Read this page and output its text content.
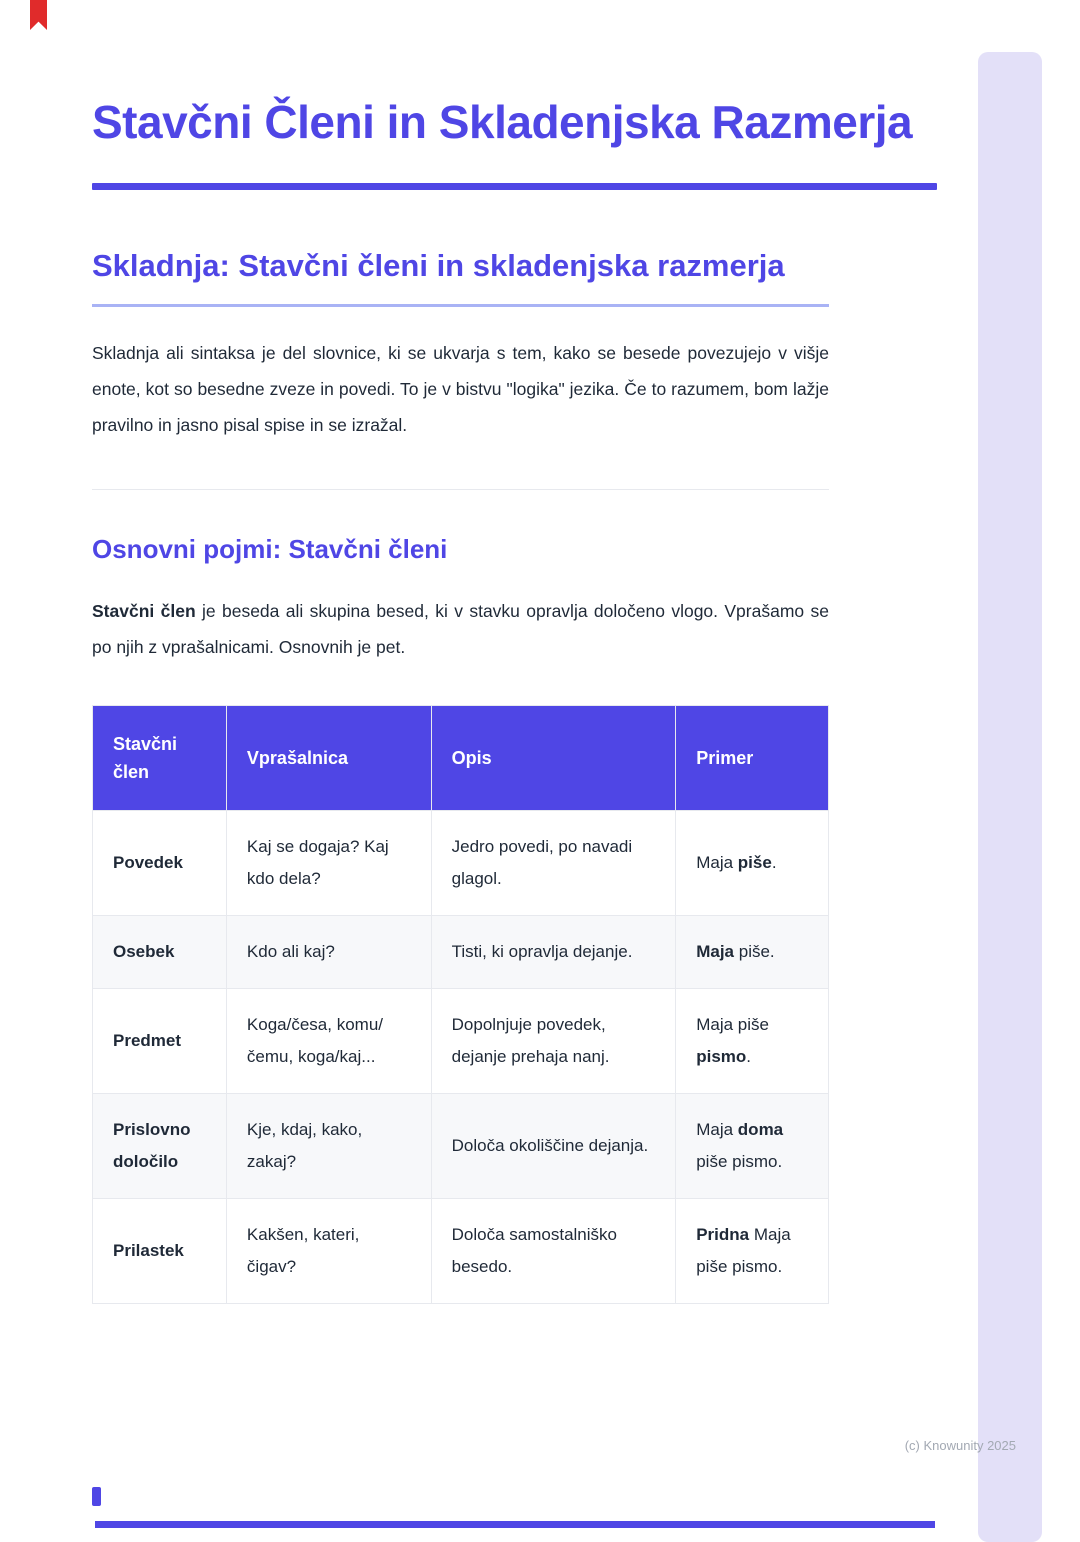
Stavčni Členi in Skladenjska Razmerja
Skladnja: Stavčni členi in skladenjska razmerja

Skladnja ali sintaksa je del slovnice, ki se ukvarja s tem, kako se besede povezujejo v višje enote, kot so besedne zveze in povedi. To je v bistvu "logika" jezika. Če to razumem, bom lažje pravilno in jasno pisal spise in se izražal.

Osnovni pojmi: Stavčni členi

Stavčni člen je beseda ali skupina besed, ki v stavku opravlja določeno vlogo. Vprašamo se po njih z vprašalnicami. Osnovnih je pet.

Stavčni člen	Vprašalnica	Opis	Primer
Povedek	Kaj se dogaja? Kaj kdo dela?	Jedro povedi, po navadi glagol.	Maja piše.
Osebek	Kdo ali kaj?	Tisti, ki opravlja dejanje.	Maja piše.
Predmet	Koga/česa, komu/čemu, koga/kaj...	Dopolnjuje povedek, dejanje prehaja nanj.	Maja piše pismo.
Prislovno določilo	Kje, kdaj, kako, zakaj?	Določa okoliščine dejanja.	Maja doma piše pismo.
Prilastek	Kakšen, kateri, čigav?	Določa samostalniško besedo.	Pridna Maja piše pismo.
(c) Knowunity 2025
